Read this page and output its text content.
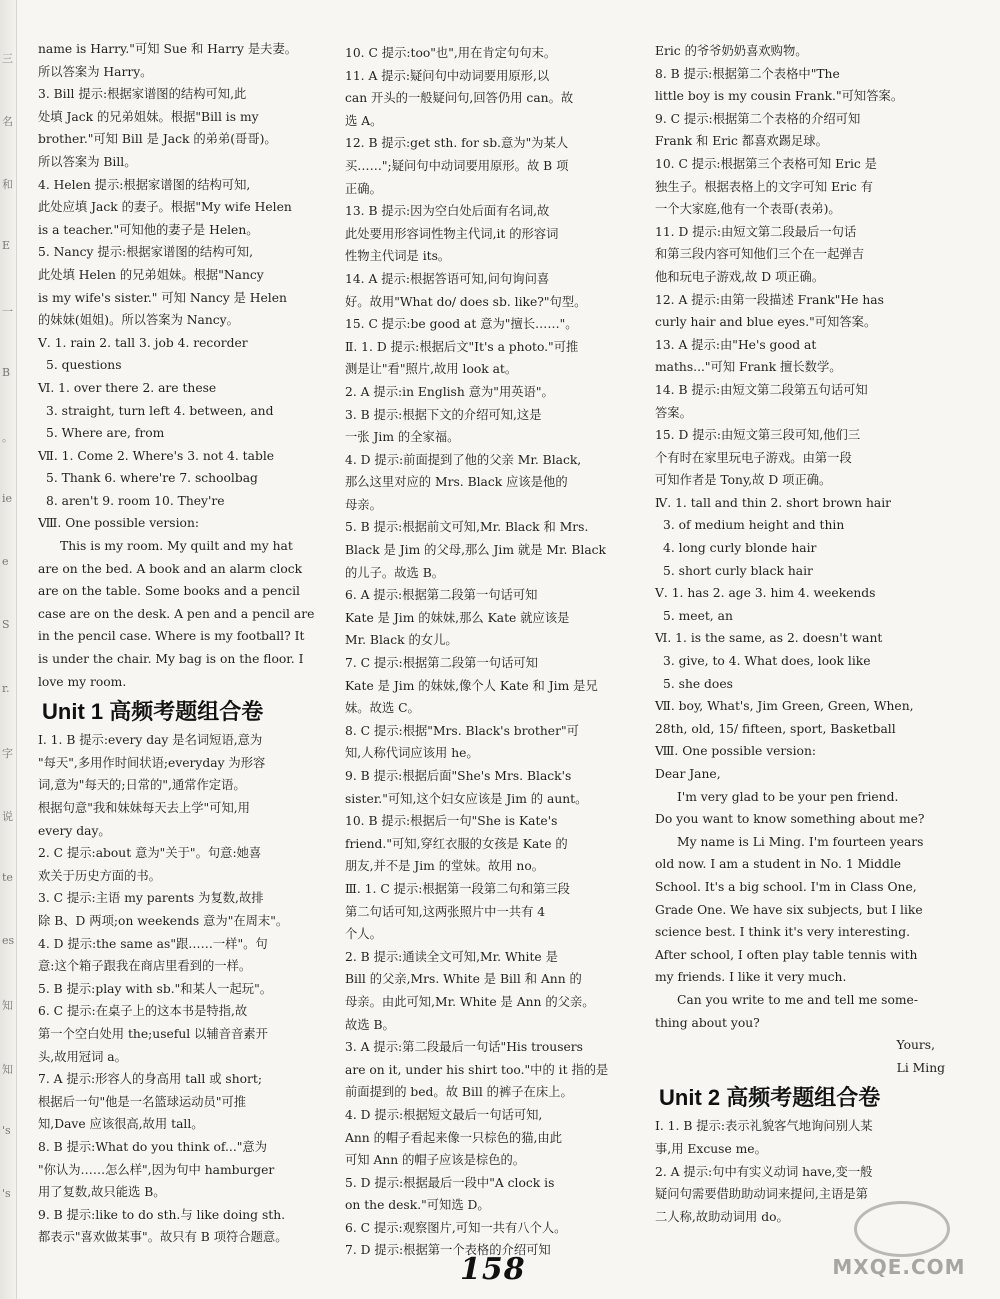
三
名
和
E
一
B
。
ie
e
S
r.
字
说
te
es
知
知
's
's

name is Harry."可知 Sue 和 Harry 是夫妻。

所以答案为 Harry。

3. Bill 提示:根据家谱图的结构可知,此

处填 Jack 的兄弟姐妹。根据"Bill is my

brother."可知 Bill 是 Jack 的弟弟(哥哥)。

所以答案为 Bill。

4. Helen 提示:根据家谱图的结构可知,

此处应填 Jack 的妻子。根据"My wife Helen

is a teacher."可知他的妻子是 Helen。

5. Nancy 提示:根据家谱图的结构可知,

此处填 Helen 的兄弟姐妹。根据"Nancy

is my wife's sister." 可知 Nancy 是 Helen

的妹妹(姐姐)。所以答案为 Nancy。

Ⅴ. 1. rain 2. tall 3. job 4. recorder

5. questions

Ⅵ. 1. over there 2. are these

3. straight, turn left 4. between, and

5. Where are, from

Ⅶ. 1. Come 2. Where's 3. not 4. table

5. Thank 6. where're 7. schoolbag

8. aren't 9. room 10. They're

Ⅷ. One possible version:

This is my room. My quilt and my hat

are on the bed. A book and an alarm clock

are on the table. Some books and a pencil

case are on the desk. A pen and a pencil are

in the pencil case. Where is my football? It

is under the chair. My bag is on the floor. I

love my room.

Unit 1 高频考题组合卷

Ⅰ. 1. B 提示:every day 是名词短语,意为

"每天",多用作时间状语;everyday 为形容

词,意为"每天的;日常的",通常作定语。

根据句意"我和妹妹每天去上学"可知,用

every day。

2. C 提示:about 意为"关于"。句意:她喜

欢关于历史方面的书。

3. C 提示:主语 my parents 为复数,故排

除 B、D 两项;on weekends 意为"在周末"。

4. D 提示:the same as"跟……一样"。句

意:这个箱子跟我在商店里看到的一样。

5. B 提示:play with sb."和某人一起玩"。

6. C 提示:在桌子上的这本书是特指,故

第一个空白处用 the;useful 以辅音音素开

头,故用冠词 a。

7. A 提示:形容人的身高用 tall 或 short;

根据后一句"他是一名篮球运动员"可推

知,Dave 应该很高,故用 tall。

8. B 提示:What do you think of..."意为

"你认为……怎么样",因为句中 hamburger

用了复数,故只能选 B。

9. B 提示:like to do sth.与 like doing sth.

都表示"喜欢做某事"。故只有 B 项符合题意。

10. C 提示:too"也",用在肯定句句末。

11. A 提示:疑问句中动词要用原形,以

can 开头的一般疑问句,回答仍用 can。故

选 A。

12. B 提示:get sth. for sb.意为"为某人

买……";疑问句中动词要用原形。故 B 项

正确。

13. B 提示:因为空白处后面有名词,故

此处要用形容词性物主代词,it 的形容词

性物主代词是 its。

14. A 提示:根据答语可知,问句询问喜

好。故用"What do/ does sb. like?"句型。

15. C 提示:be good at 意为"擅长……"。

Ⅱ. 1. D 提示:根据后文"It's a photo."可推

测是让"看"照片,故用 look at。

2. A 提示:in English 意为"用英语"。

3. B 提示:根据下文的介绍可知,这是

一张 Jim 的全家福。

4. D 提示:前面提到了他的父亲 Mr. Black,

那么这里对应的 Mrs. Black 应该是他的

母亲。

5. B 提示:根据前文可知,Mr. Black 和 Mrs.

Black 是 Jim 的父母,那么 Jim 就是 Mr. Black

的儿子。故选 B。

6. A 提示:根据第二段第一句话可知

Kate 是 Jim 的妹妹,那么 Kate 就应该是

Mr. Black 的女儿。

7. C 提示:根据第二段第一句话可知

Kate 是 Jim 的妹妹,像个人 Kate 和 Jim 是兄

妹。故选 C。

8. C 提示:根据"Mrs. Black's brother"可

知,人称代词应该用 he。

9. B 提示:根据后面"She's Mrs. Black's

sister."可知,这个妇女应该是 Jim 的 aunt。

10. B 提示:根据后一句"She is Kate's

friend."可知,穿红衣服的女孩是 Kate 的

朋友,并不是 Jim 的堂妹。故用 no。

Ⅲ. 1. C 提示:根据第一段第二句和第三段

第二句话可知,这两张照片中一共有 4

个人。

2. B 提示:通读全文可知,Mr. White 是

Bill 的父亲,Mrs. White 是 Bill 和 Ann 的

母亲。由此可知,Mr. White 是 Ann 的父亲。

故选 B。

3. A 提示:第二段最后一句话"His trousers

are on it, under his shirt too."中的 it 指的是

前面提到的 bed。故 Bill 的裤子在床上。

4. D 提示:根据短文最后一句话可知,

Ann 的帽子看起来像一只棕色的猫,由此

可知 Ann 的帽子应该是棕色的。

5. D 提示:根据最后一段中"A clock is

on the desk."可知选 D。

6. C 提示:观察图片,可知一共有八个人。

7. D 提示:根据第一个表格的介绍可知

Eric 的爷爷奶奶喜欢购物。

8. B 提示:根据第二个表格中"The

little boy is my cousin Frank."可知答案。

9. C 提示:根据第二个表格的介绍可知

Frank 和 Eric 都喜欢踢足球。

10. C 提示:根据第三个表格可知 Eric 是

独生子。根据表格上的文字可知 Eric 有

一个大家庭,他有一个表哥(表弟)。

11. D 提示:由短文第二段最后一句话

和第三段内容可知他们三个在一起弹吉

他和玩电子游戏,故 D 项正确。

12. A 提示:由第一段描述 Frank"He has

curly hair and blue eyes."可知答案。

13. A 提示:由"He's good at

maths..."可知 Frank 擅长数学。

14. B 提示:由短文第二段第五句话可知

答案。

15. D 提示:由短文第三段可知,他们三

个有时在家里玩电子游戏。由第一段

可知作者是 Tony,故 D 项正确。

Ⅳ. 1. tall and thin 2. short brown hair

3. of medium height and thin

4. long curly blonde hair

5. short curly black hair

Ⅴ. 1. has 2. age 3. him 4. weekends

5. meet, an

Ⅵ. 1. is the same, as 2. doesn't want

3. give, to 4. What does, look like

5. she does

Ⅶ. boy, What's, Jim Green, Green, When,

28th, old, 15/ fifteen, sport, Basketball

Ⅷ. One possible version:

Dear Jane,

I'm very glad to be your pen friend.

Do you want to know something about me?

My name is Li Ming. I'm fourteen years

old now. I am a student in No. 1 Middle

School. It's a big school. I'm in Class One,

Grade One. We have six subjects, but I like

science best. I think it's very interesting.

After school, I often play table tennis with

my friends. I like it very much.

Can you write to me and tell me some-

thing about you?

Yours,

Li Ming

Unit 2 高频考题组合卷

Ⅰ. 1. B 提示:表示礼貌客气地询问别人某

事,用 Excuse me。

2. A 提示:句中有实义动词 have,变一般

疑问句需要借助助动词来提问,主语是第

二人称,故助动词用 do。

158	MXQE.COM
